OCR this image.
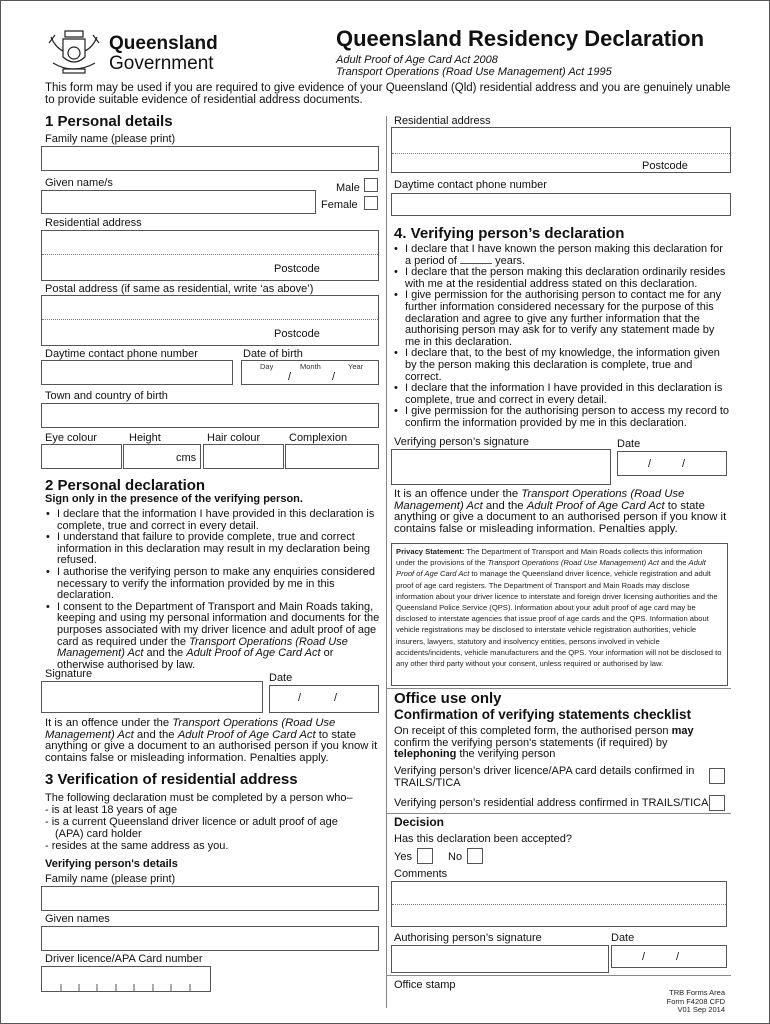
Queensland
Government
Queensland Residency Declaration
Adult Proof of Age Card Act 2008
Transport Operations (Road Use Management) Act 1995
This form may be used if you are required to give evidence of your Queensland (Qld) residential address and you are genuinely unable to provide suitable evidence of residential address documents.
1 Personal details
Family name (please print)
Given name/s	Male
Female
Residential address
Postcode
Postal address (if same as residential, write ‘as above’)
Postcode
Daytime contact phone number	Date of birth
Day	Month	Year
/	/
Town and country of birth
Eye colour	Height	Hair colour	Complexion
cms
2 Personal declaration
Sign only in the presence of the verifying person.
• I declare that the information I have provided in this declaration is complete, true and correct in every detail.
• I understand that failure to provide complete, true and correct information in this declaration may result in my declaration being refused.
• I authorise the verifying person to make any enquiries considered necessary to verify the information provided by me in this declaration.
• I consent to the Department of Transport and Main Roads taking, keeping and using my personal information and documents for the purposes associated with my driver licence and adult proof of age card as required under the Transport Operations (Road Use Management) Act and the Adult Proof of Age Card Act or otherwise authorised by law.
Signature	Date
/	/
It is an offence under the Transport Operations (Road Use Management) Act and the Adult Proof of Age Card Act to state anything or give a document to an authorised person if you know it contains false or misleading information. Penalties apply.
3 Verification of residential address
The following declaration must be completed by a person who–
- is at least 18 years of age
- is a current Queensland driver licence or adult proof of age
(APA) card holder
- resides at the same address as you.
Verifying person's details
Family name (please print)
Given names
Driver licence/APA Card number
Residential address
Postcode
Daytime contact phone number
4. Verifying person’s declaration
• I declare that I have known the person making this declaration for a period of	years.
• I declare that the person making this declaration ordinarily resides with me at the residential address stated on this declaration.
• I give permission for the authorising person to contact me for any further information considered necessary for the purpose of this declaration and agree to give any further information that the authorising person may ask for to verify any statement made by me in this declaration.
• I declare that, to the best of my knowledge, the information given by the person making this declaration is complete, true and correct.
• I declare that the information I have provided in this declaration is complete, true and correct in every detail.
• I give permission for the authorising person to access my record to confirm the information provided by me in this declaration.
Verifying person’s signature	Date
/	/
It is an offence under the Transport Operations (Road Use Management) Act and the Adult Proof of Age Card Act to state anything or give a document to an authorised person if you know it contains false or misleading information. Penalties apply.
Privacy Statement: The Department of Transport and Main Roads collects this information under the provisions of the Transport Operations (Road Use Management) Act and the Adult Proof of Age Card Act to manage the Queensland driver licence, vehicle registration and adult proof of age card registers. The Department of Transport and Main Roads may disclose information about your driver licence to interstate and foreign driver licensing authorities and the Queensland Police Service (QPS). Information about your adult proof of age card may be disclosed to interstate agencies that issue proof of age cards and the QPS. Information about vehicle registrations may be disclosed to interstate vehicle registration authorities, vehicle insurers, lawyers, statutory and insolvency entities, persons involved in vehicle accidents/incidents, vehicle manufacturers and the QPS. Your information will not be disclosed to any other third party without your consent, unless required or authorised by law.
Office use only
Confirmation of verifying statements checklist
On receipt of this completed form, the authorised person may confirm the verifying person's statements (if required) by telephoning the verifying person
Verifying person’s driver licence/APA card details confirmed in TRAILS/TICA
Verifying person’s residential address confirmed in TRAILS/TICA
Decision
Has this declaration been accepted?
Yes	No
Comments
Authorising person’s signature	Date
/	/
Office stamp
TRB Forms Area
Form F4208 CFD
V01 Sep 2014
